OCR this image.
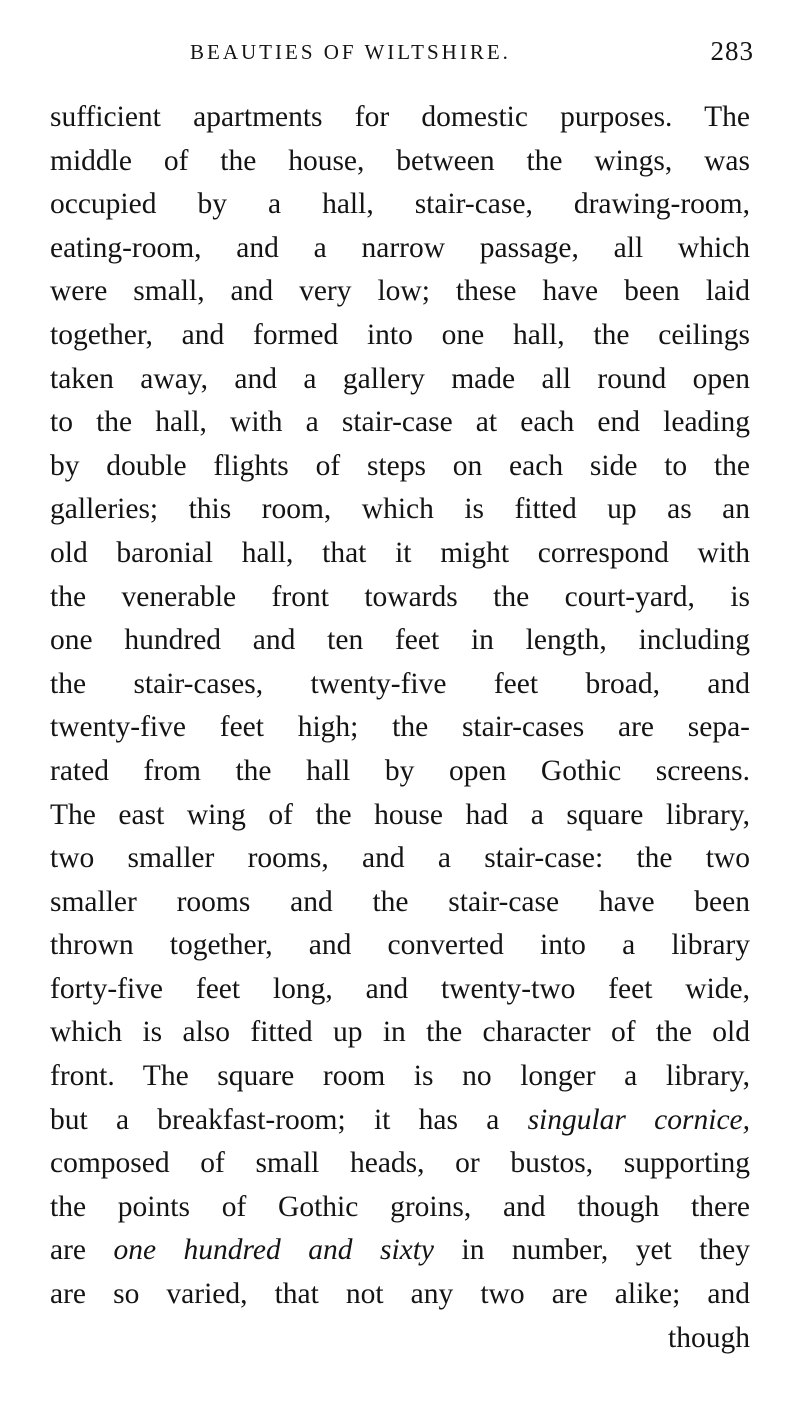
BEAUTIES OF WILTSHIRE.	283
sufficient apartments for domestic purposes. The
middle of the house, between the wings, was
occupied by a hall, stair-case, drawing-room,
eating-room, and a narrow passage, all which
were small, and very low; these have been laid
together, and formed into one hall, the ceilings
taken away, and a gallery made all round open
to the hall, with a stair-case at each end leading
by double flights of steps on each side to the
galleries; this room, which is fitted up as an
old baronial hall, that it might correspond with
the venerable front towards the court-yard, is
one hundred and ten feet in length, including
the stair-cases, twenty-five feet broad, and
twenty-five feet high; the stair-cases are sepa-
rated from the hall by open Gothic screens.
The east wing of the house had a square library,
two smaller rooms, and a stair-case: the two
smaller rooms and the stair-case have been
thrown together, and converted into a library
forty-five feet long, and twenty-two feet wide,
which is also fitted up in the character of the old
front. The square room is no longer a library,
but a breakfast-room; it has a singular cornice,
composed of small heads, or bustos, supporting
the points of Gothic groins, and though there
are one hundred and sixty in number, yet they
are so varied, that not any two are alike; and
though
